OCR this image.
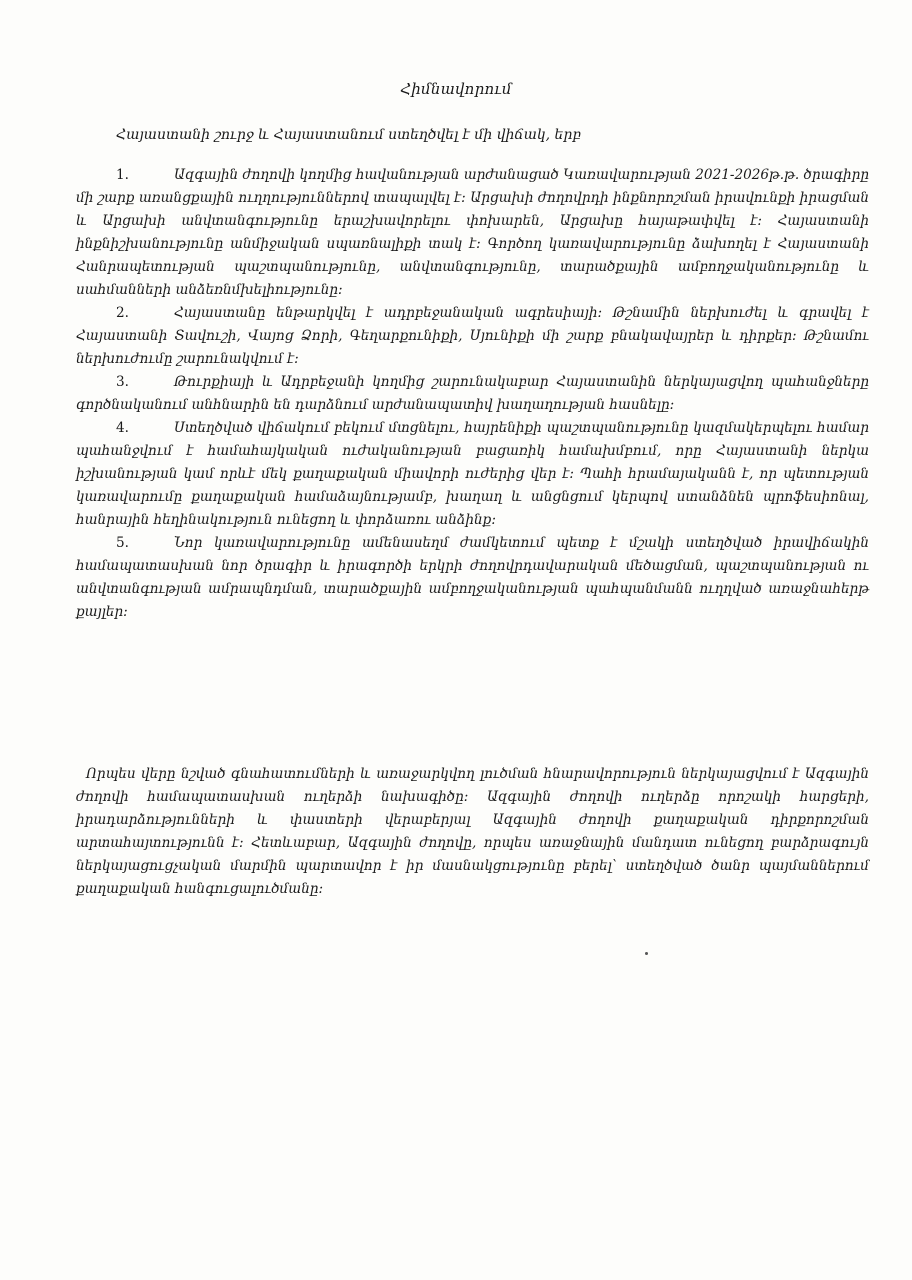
Հիմնավորում
Հայաստանի շուրջ և Հայաստանում ստեղծվել է մի վիճակ, երբ

1.	Ազգային ժողովի կողմից հավանության արժանացած Կառավարության 2021-2026թ.թ. ծրագիրը մի շարք առանցքային ուղղություններով տապալվել է: Արցախի ժողովրդի ինքնորոշման իրավունքի իրացման և Արցախի անվտանգությունը երաշխավորելու փոխարեն, Արցախը հայաթափվել է: Հայաստանի ինքնիշխանությունը անմիջական սպառնալիքի տակ է: Գործող կառավարությունը ձախողել է Հայաստանի Հանրապետության պաշտպանությունը, անվտանգությունը, տարածքային ամբողջականությունը և սահմանների անձեռնմխելիությունը:

2.	Հայաստանը ենթարկվել է ադրբեջանական ագրեսիայի: Թշնամին ներխուժել և գրավել է Հայաստանի Տավուշի, Վայոց Ձորի, Գեղարքունիքի, Սյունիքի մի շարք բնակավայրեր և դիրքեր: Թշնամու ներխուժումը շարունակվում է:

3.	Թուրքիայի և Ադրբեջանի կողմից շարունակաբար Հայաստանին ներկայացվող պահանջները գործնականում անհնարին են դարձնում արժանապատիվ խաղաղության հասնելը:

4.	Ստեղծված վիճակում բեկում մտցնելու, հայրենիքի պաշտպանությունը կազմակերպելու համար պահանջվում է համահայկական ուժականության բացառիկ համախմբում, որը Հայաստանի ներկա իշխանության կամ որևէ մեկ քաղաքական միավորի ուժերից վեր է: Պահի հրամայականն է, որ պետության կառավարումը քաղաքական համաձայնությամբ, խաղաղ և անցնցում կերպով ստանձնեն պրոֆեսիոնալ, հանրային հեղինակություն ունեցող և փորձառու անձինք:

5.	Նոր կառավարությունը ամենասեղմ ժամկետում պետք է մշակի ստեղծված իրավիճակին համապատասխան նոր ծրագիր և իրագործի երկրի ժողովրդավարական մեծացման, պաշտպանության ու անվտանգության ամրապնդման, տարածքային ամբողջականության պահպանմանն ուղղված առաջնահերթ քայլեր:

Որպես վերը նշված գնահատումների և առաջարկվող լուծման հնարավորություն ներկայացվում է Ազգային ժողովի համապատասխան ուղերձի նախագիծը: Ազգային ժողովի ուղերձը որոշակի հարցերի, իրադարձությունների և փաստերի վերաբերյալ Ազգային ժողովի քաղաքական դիրքորոշման արտահայտությունն է: Հետևաբար, Ազգային ժողովը, որպես առաջնային մանդատ ունեցող բարձրագույն ներկայացուցչական մարմին պարտավոր է իր մասնակցությունը բերել՝ ստեղծված ծանր պայմաններում քաղաքական հանգուցալուծմանը:
